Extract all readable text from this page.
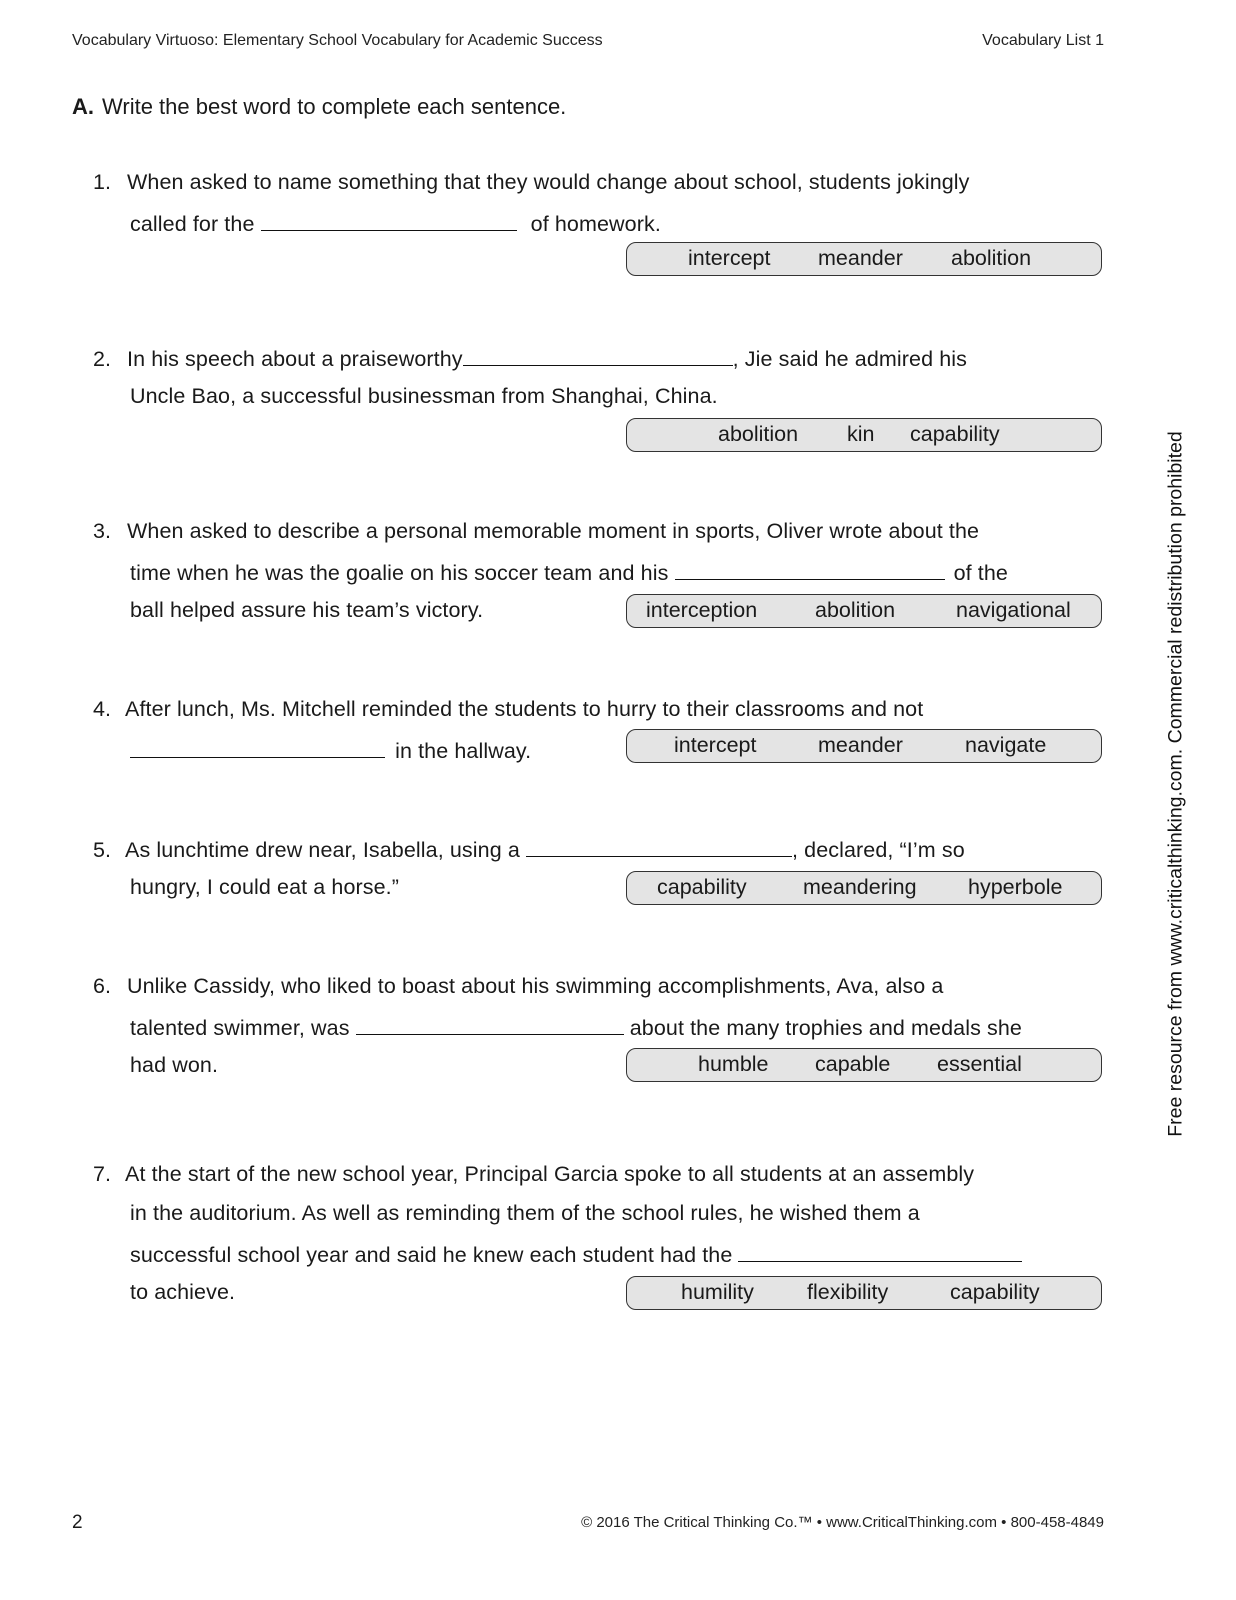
Vocabulary Virtuoso: Elementary School Vocabulary for Academic Success	Vocabulary List 1
A. Write the best word to complete each sentence.
1. When asked to name something that they would change about school, students jokingly
called for the	of homework.
intercept meander abolition
2. In his speech about a praiseworthy	, Jie said he admired his
Uncle Bao, a successful businessman from Shanghai, China.
abolition kin capability
3. When asked to describe a personal memorable moment in sports, Oliver wrote about the
time when he was the goalie on his soccer team and his	of the
ball helped assure his team’s victory.	interception	abolition	navigational
4. After lunch, Ms. Mitchell reminded the students to hurry to their classrooms and not
in the hallway.	intercept	meander	navigate
5. As lunchtime drew near, Isabella, using a	, declared, “I’m so
hungry, I could eat a horse.”	capability	meandering hyperbole
6. Unlike Cassidy, who liked to boast about his swimming accomplishments, Ava, also a
talented swimmer, was	about the many trophies and medals she
had won.	humble capable essential
7. At the start of the new school year, Principal Garcia spoke to all students at an assembly
in the auditorium. As well as reminding them of the school rules, he wished them a
successful school year and said he knew each student had the
to achieve.	humility flexibility	capability
Free resource from www.criticalthinking.com. Commercial redistribution prohibited
2	© 2016 The Critical Thinking Co.™ • www.CriticalThinking.com • 800-458-4849
